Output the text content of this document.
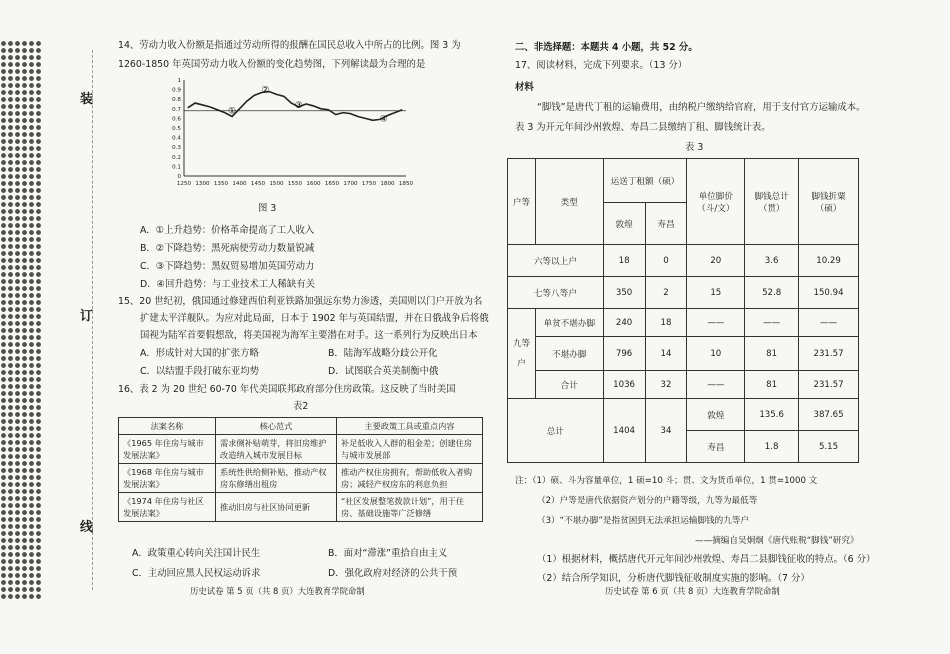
装
订
线

14、劳动力收入份额是指通过劳动所得的报酬在国民总收入中所占的比例。图 3 为

1260-1850 年英国劳动力收入份额的变化趋势图，下列解读最为合理的是

1250 1300 1350 1400 1450 1500 1550 1600 1650 1700 1750 1800 1850
0
0.1
0.2
0.3
0.4
0.5
0.6
0.7
0.8
0.9
1
①
②
③
④

图 3

A．①上升趋势：价格革命提高了工人收入
B．②下降趋势：黑死病使劳动力数量锐减
C．③下降趋势：黑奴贸易增加英国劳动力
D．④回升趋势：与工业技术工人稀缺有关
15、20 世纪初，俄国通过修建西伯利亚铁路加强远东势力渗透，美国则以门户开放为名
扩建太平洋舰队。为应对此局面，日本于 1902 年与英国结盟，并在日俄战争后将俄
国视为陆军首要假想敌，将美国视为海军主要潜在对手。这一系列行为反映出日本
A．形成针对大国的扩张方略	B．陆海军战略分歧公开化
C．以结盟手段打破东亚均势	D．试图联合英美制衡中俄
16、表 2 为 20 世纪 60-70 年代美国联邦政府部分住房政策。这反映了当时美国
表2
法案名称	核心范式	主要政策工具或重点内容
《1965 年住房与城市发展法案》	需求侧补贴萌芽，将旧房维护改造纳入城市发展目标	补足低收入人群的租金差；创建住房与城市发展部
《1968 年住房与城市发展法案》	系统性供给侧补贴，推动产权房东修缮出租房	推动产权住房拥有，帮助低收入者购房；减轻产权房东的利息负担
《1974 年住房与社区发展法案》	推动旧房与社区协同更新	“社区发展整笔拨款计划”，用于住房、基础设施等广泛修缮
A．政策重心转向关注国计民生	B．面对“滞涨”重拾自由主义
C．主动回应黑人民权运动诉求	D．强化政府对经济的公共干预
历史试卷 第 5 页（共 8 页）大连教育学院命制
二、非选择题：本题共 4 小题，共 52 分。
17、阅读材料，完成下列要求。（13 分）
材料
“脚钱”是唐代丁租的运输费用，由纳税户缴纳给官府，用于支付官方运输成本。
表 3 为开元年间沙州敦煌、寿昌二县缴纳丁租、脚钱统计表。
表 3
户等	类型	运送丁租额（硕）		单位脚价（斗/文）	脚钱总计（贯）	脚钱折粟（硕）
		敦煌	寿昌			
六等以上户		18	0	20	3.6	10.29
七等八等户		350	2	15	52.8	150.94
九等户	单贫不堪办脚	240	18	——	——	——
	不堪办脚	796	14	10	81	231.57
	合计	1036	32	——	81	231.57
总计		1404	34	敦煌	135.6	387.65
				寿昌	1.8	5.15
注：（1）硕、斗为容量单位，1 硕=10 斗；贯、文为货币单位，1 贯=1000 文
（2）户等是唐代依据资产划分的户籍等级，九等为最低等
（3）“不堪办脚”是指贫困到无法承担运输脚钱的九等户
——摘编自吴炯炯《唐代账税“脚钱”研究》
（1）根据材料，概括唐代开元年间沙州敦煌、寿昌二县脚钱征收的特点。（6 分）
（2）结合所学知识，分析唐代脚钱征收制度实施的影响。（7 分）
历史试卷 第 6 页（共 8 页）大连教育学院命制
